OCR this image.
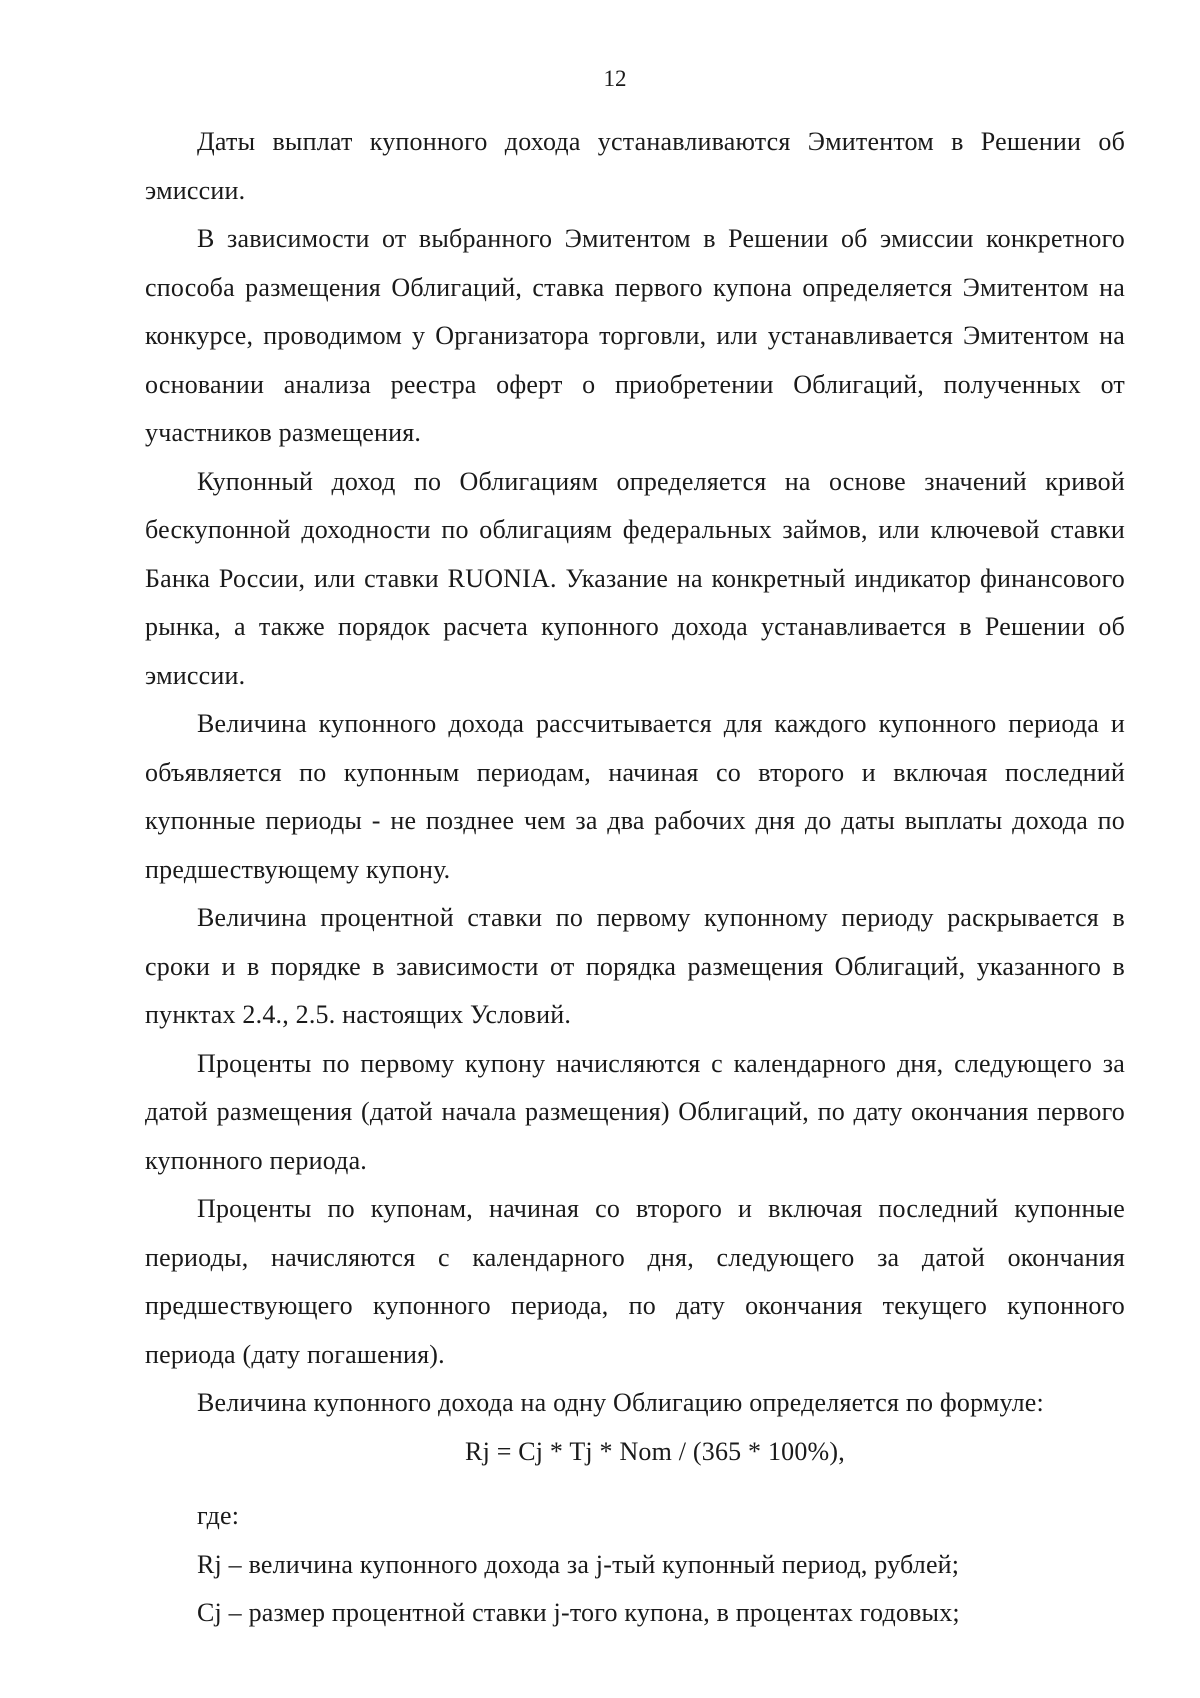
12

Даты выплат купонного дохода устанавливаются Эмитентом в Решении об эмиссии.

В зависимости от выбранного Эмитентом в Решении об эмиссии конкретного способа размещения Облигаций, ставка первого купона определяется Эмитентом на конкурсе, проводимом у Организатора торговли, или устанавливается Эмитентом на основании анализа реестра оферт о приобретении Облигаций, полученных от участников размещения.

Купонный доход по Облигациям определяется на основе значений кривой бескупонной доходности по облигациям федеральных займов, или ключевой ставки Банка России, или ставки RUONIA. Указание на конкретный индикатор финансового рынка, а также порядок расчета купонного дохода устанавливается в Решении об эмиссии.

Величина купонного дохода рассчитывается для каждого купонного периода и объявляется по купонным периодам, начиная со второго и включая последний купонные периоды - не позднее чем за два рабочих дня до даты выплаты дохода по предшествующему купону.

Величина процентной ставки по первому купонному периоду раскрывается в сроки и в порядке в зависимости от порядка размещения Облигаций, указанного в пунктах 2.4., 2.5. настоящих Условий.

Проценты по первому купону начисляются с календарного дня, следующего за датой размещения (датой начала размещения) Облигаций, по дату окончания первого купонного периода.

Проценты по купонам, начиная со второго и включая последний купонные периоды, начисляются с календарного дня, следующего за датой окончания предшествующего купонного периода, по дату окончания текущего купонного периода (дату погашения).

Величина купонного дохода на одну Облигацию определяется по формуле:

Rj = Cj * Tj * Nom / (365 * 100%),

где:

Rj – величина купонного дохода за j-тый купонный период, рублей;

Cj – размер процентной ставки j-того купона, в процентах годовых;
